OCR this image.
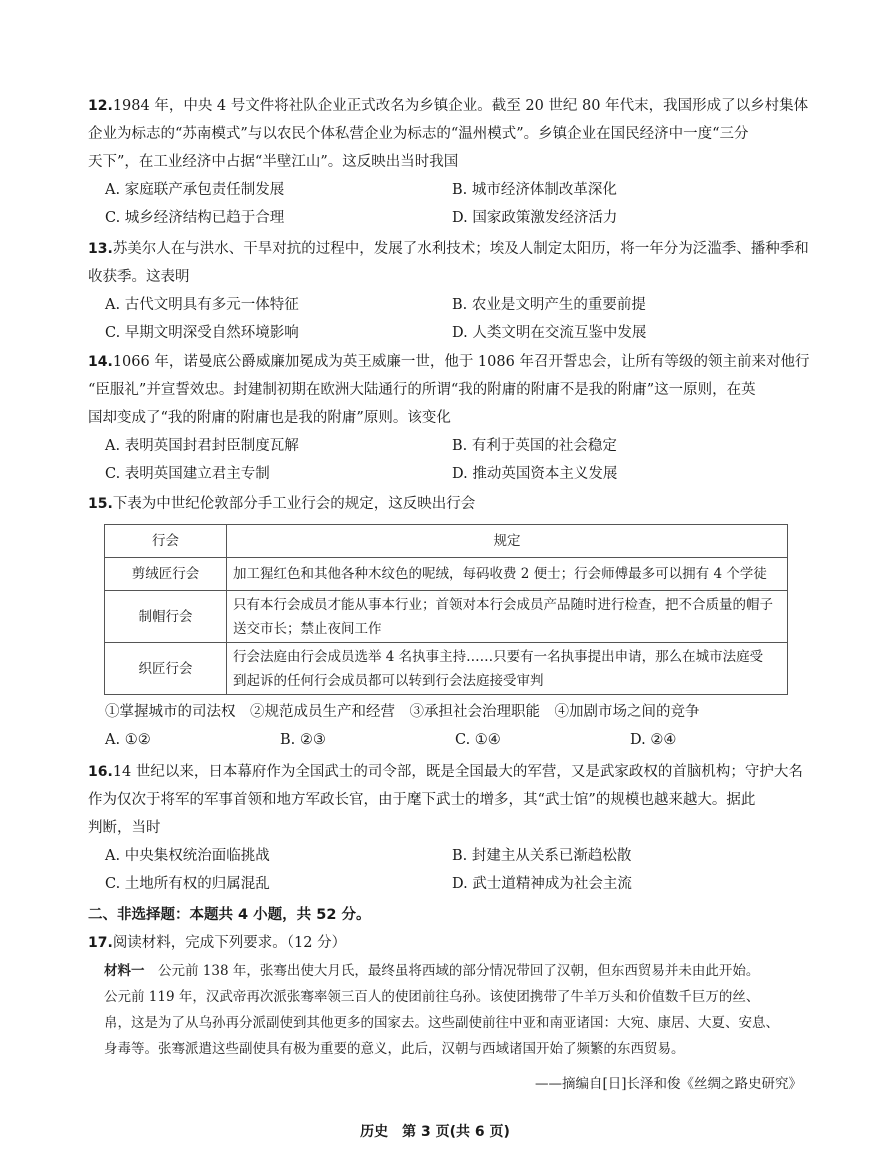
12.1984 年，中央 4 号文件将社队企业正式改名为乡镇企业。截至 20 世纪 80 年代末，我国形成了以乡村集体
企业为标志的“苏南模式”与以农民个体私营企业为标志的“温州模式”。乡镇企业在国民经济中一度“三分
天下”，在工业经济中占据“半壁江山”。这反映出当时我国
A. 家庭联产承包责任制发展	B. 城市经济体制改革深化
C. 城乡经济结构已趋于合理	D. 国家政策激发经济活力
13.苏美尔人在与洪水、干旱对抗的过程中，发展了水利技术；埃及人制定太阳历，将一年分为泛滥季、播种季和
收获季。这表明
A. 古代文明具有多元一体特征	B. 农业是文明产生的重要前提
C. 早期文明深受自然环境影响	D. 人类文明在交流互鉴中发展
14.1066 年，诺曼底公爵威廉加冕成为英王威廉一世，他于 1086 年召开誓忠会，让所有等级的领主前来对他行
“臣服礼”并宣誓效忠。封建制初期在欧洲大陆通行的所谓“我的附庸的附庸不是我的附庸”这一原则，在英
国却变成了“我的附庸的附庸也是我的附庸”原则。该变化
A. 表明英国封君封臣制度瓦解	B. 有利于英国的社会稳定
C. 表明英国建立君主专制	D. 推动英国资本主义发展
15.下表为中世纪伦敦部分手工业行会的规定，这反映出行会
行会	规定
剪绒匠行会	加工猩红色和其他各种木纹色的呢绒，每码收费 2 便士；行会师傅最多可以拥有 4 个学徒
制帽行会	只有本行会成员才能从事本行业；首领对本行会成员产品随时进行检查，把不合质量的帽子
送交市长；禁止夜间工作
织匠行会	行会法庭由行会成员选举 4 名执事主持……只要有一名执事提出申请，那么在城市法庭受
到起诉的任何行会成员都可以转到行会法庭接受审判
①掌握城市的司法权　②规范成员生产和经营　③承担社会治理职能　④加剧市场之间的竞争
A. ①②	B. ②③	C. ①④	D. ②④
16.14 世纪以来，日本幕府作为全国武士的司令部，既是全国最大的军营，又是武家政权的首脑机构；守护大名
作为仅次于将军的军事首领和地方军政长官，由于麾下武士的增多，其“武士馆”的规模也越来越大。据此
判断，当时
A. 中央集权统治面临挑战	B. 封建主从关系已渐趋松散
C. 土地所有权的归属混乱	D. 武士道精神成为社会主流
二、非选择题：本题共 4 小题，共 52 分。
17.阅读材料，完成下列要求。（12 分）
材料一　公元前 138 年，张骞出使大月氏，最终虽将西域的部分情况带回了汉朝，但东西贸易并未由此开始。
公元前 119 年，汉武帝再次派张骞率领三百人的使团前往乌孙。该使团携带了牛羊万头和价值数千巨万的丝、
帛，这是为了从乌孙再分派副使到其他更多的国家去。这些副使前往中亚和南亚诸国：大宛、康居、大夏、安息、
身毒等。张骞派遣这些副使具有极为重要的意义，此后，汉朝与西域诸国开始了频繁的东西贸易。
——摘编自[日]长泽和俊《丝绸之路史研究》
历史　第 3 页(共 6 页)
